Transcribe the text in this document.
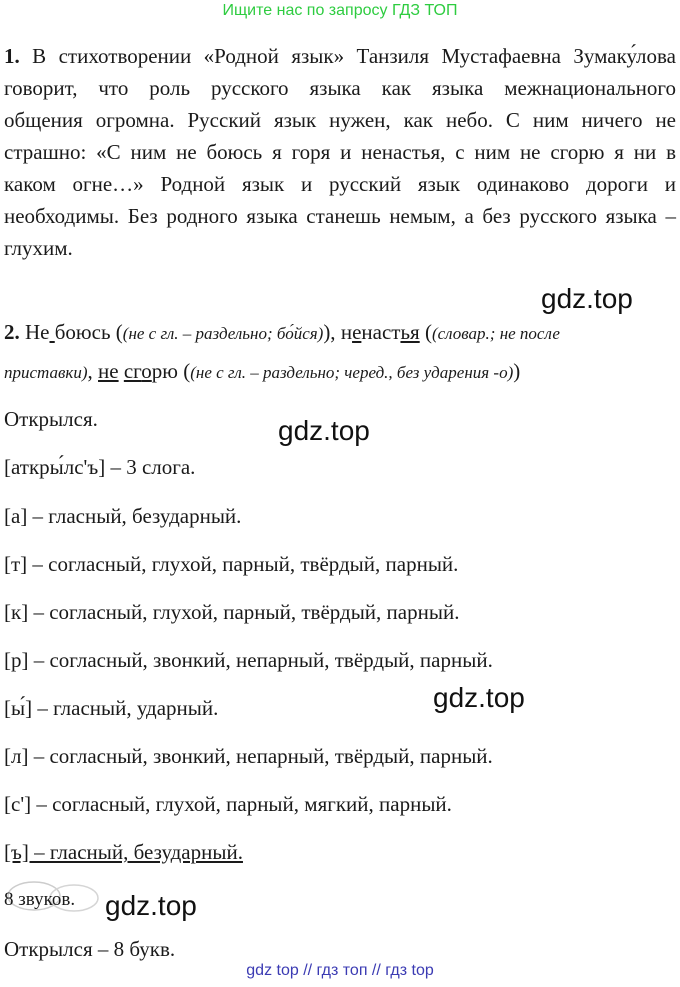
Ищите нас по запросу ГДЗ ТОП
1. В стихотворении «Родной язык» Танзиля Мустафаевна Зумаку́лова
говорит, что роль русского языка как языка межнационального
общения огромна. Русский язык нужен, как небо. С ним ничего не
страшно: «С ним не боюсь я горя и ненастья, с ним не сгорю я ни в
каком огне…» Родной язык и русский язык одинаково дороги и
необходимы. Без родного языка станешь немым, а без русского языка –
глухим.
gdz.top
2. Не боюсь ((не с гл. – раздельно; бо́йся)), ненастья ((словар.; не после
приставки), не сгорю ((не с гл. – раздельно; черед., без ударения -о))
Открылся.	gdz.top
[аткры́лс'ъ] – 3 слога.
[а] – гласный, безударный.
[т] – согласный, глухой, парный, твёрдый, парный.
[к] – согласный, глухой, парный, твёрдый, парный.
[р] – согласный, звонкий, непарный, твёрдый, парный.
[ы́] – гласный, ударный.
[л] – согласный, звонкий, непарный, твёрдый, парный.
[с'] – согласный, глухой, парный, мягкий, парный.
[ъ] – гласный, безударный.
gdz.top
8 звуков. gdz.top
Открылся – 8 букв.
gdz top // гдз топ // гдз top
